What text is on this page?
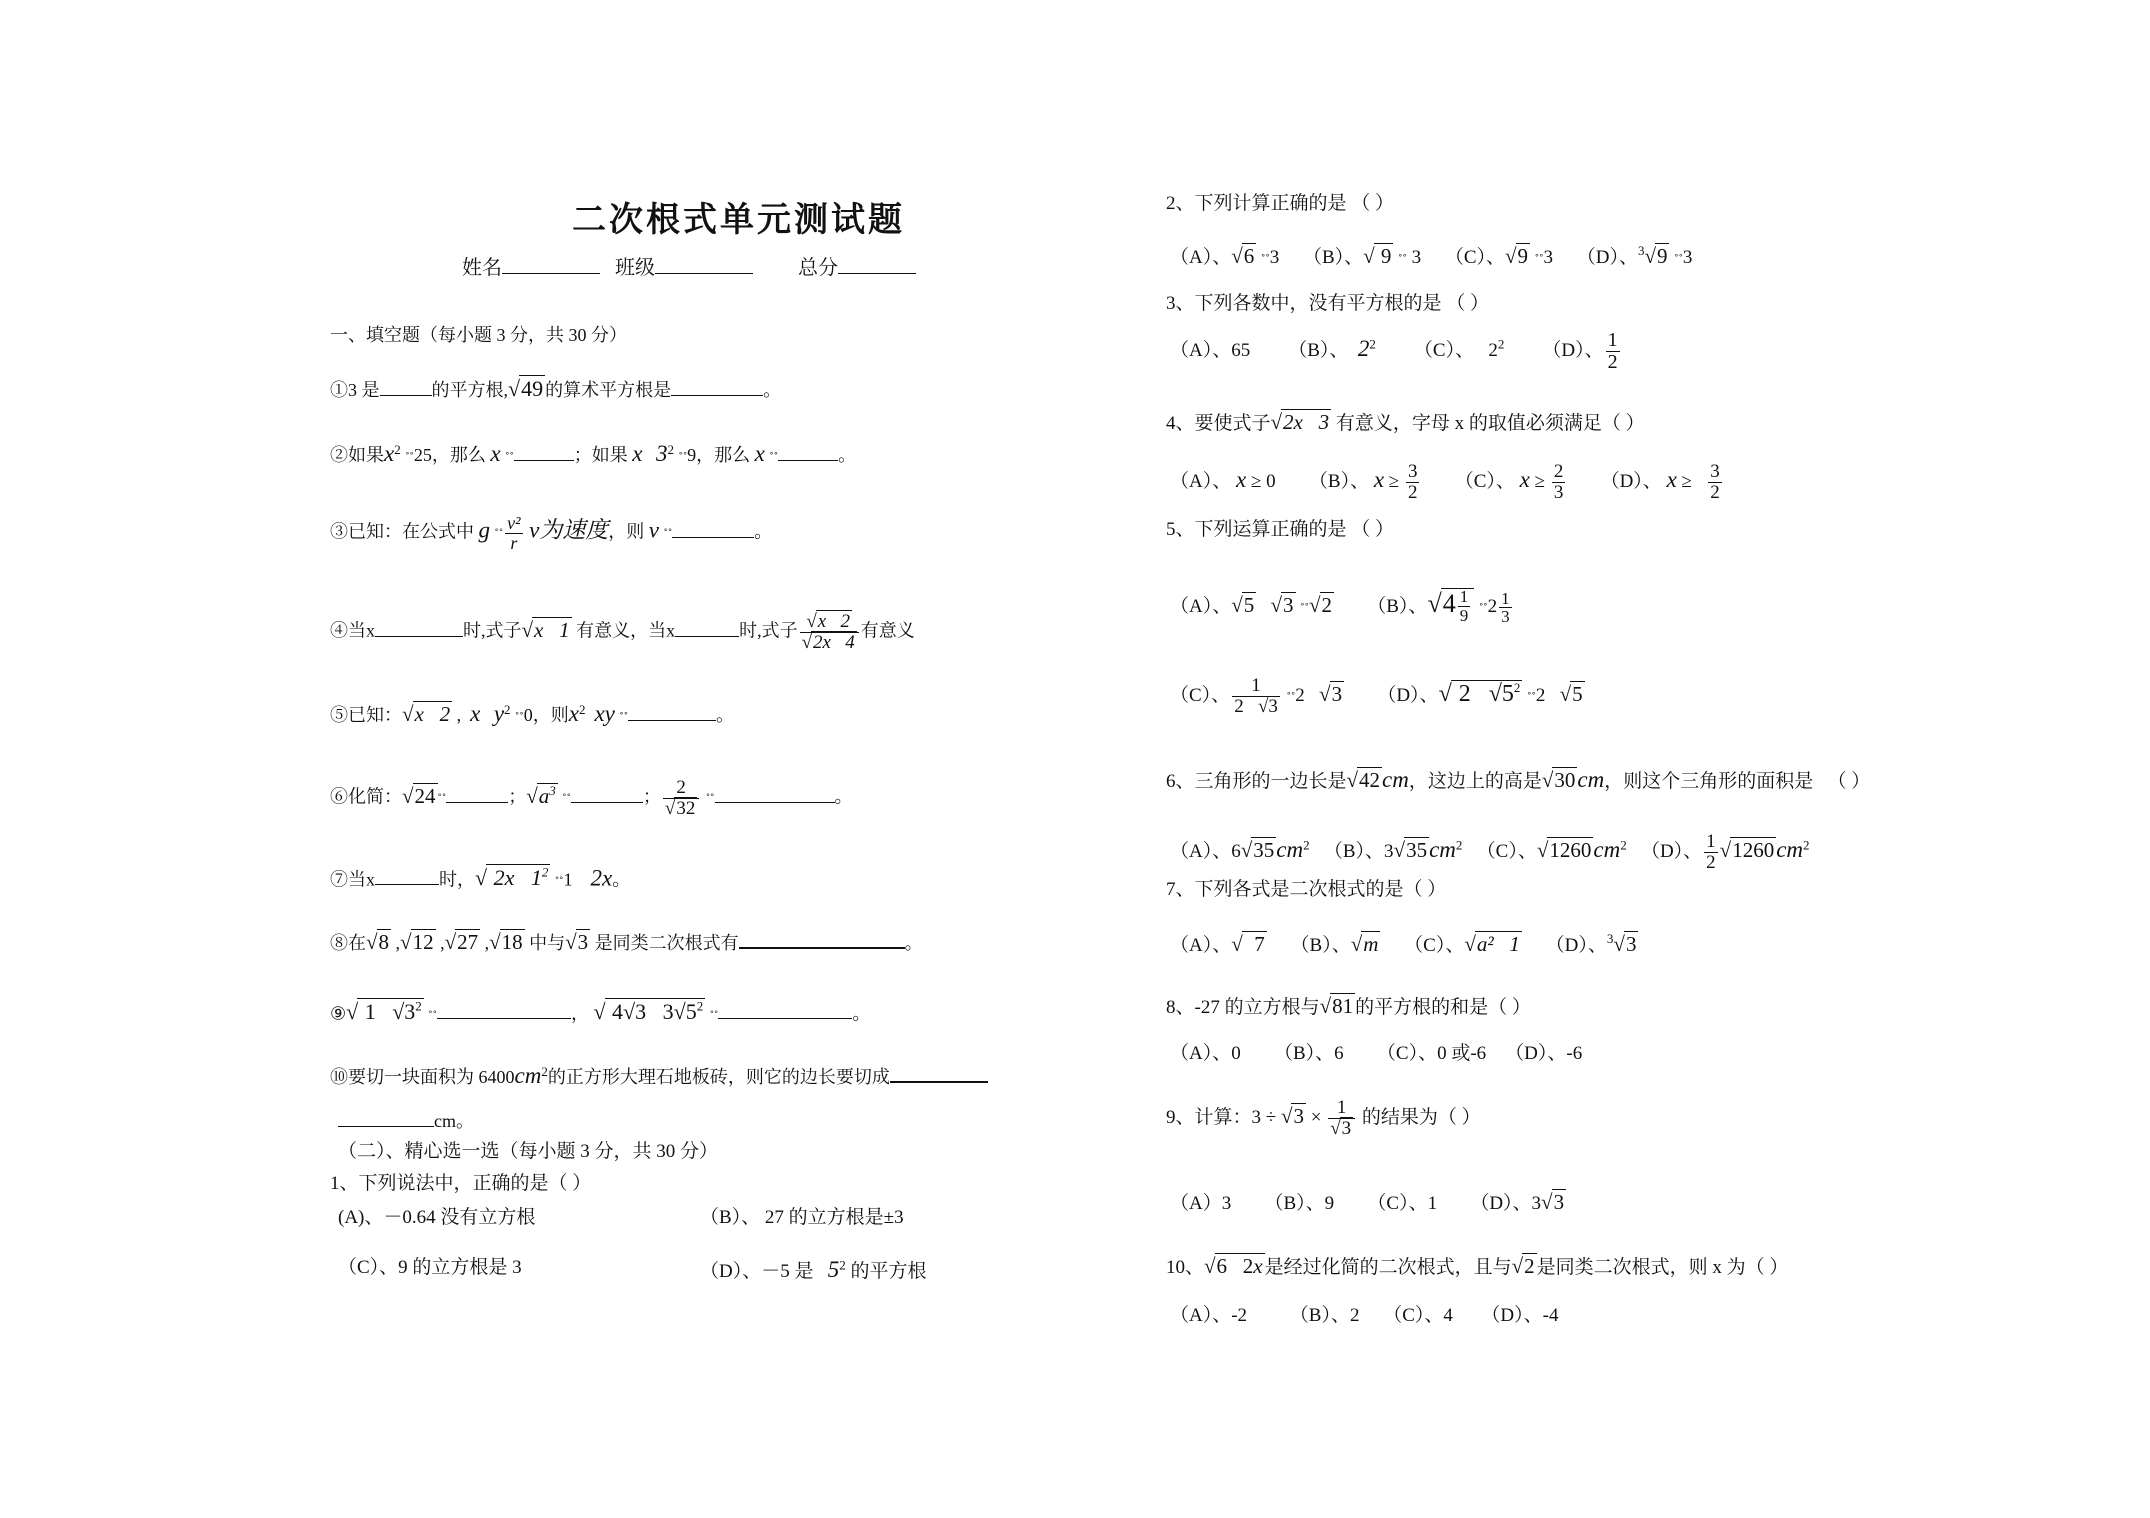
二次根式单元测试题
姓名	班级	总分
一、填空题（每小题 3 分，共 30 分）
①3 是	的平方根,√49 的算术平方根是	。
②如果$x^2$ ˚˚25，那么 x ˚˚	；如果 x $3^2$ ˚˚9，那么 x ˚˚	。
③已知：在公式中 g ˚˚ $\frac{\text{v²}}{r}$ v为速度，则 v ˚˚	。
④当x	时,式子√x   1 有意义，当x	时,式子 $\frac{√x 2}{√2x 4}$ 有意义
⑤已知：√x   2 ,  x $y^2$ ˚˚0，则$x^2$ xy ˚˚	。
⑥化简：√24 ˚˚	；$√a^3$ ˚˚	； $\frac{2}{√32}$ ˚˚	。
⑦当x	时，√ 2x   $1^2$ ˚˚1    2x。
⑧在√8 ,√12 ,√27 ,√18 中与√3 是同类二次根式有	。
⑨√ 1   $√3^2$ ˚˚	， √ 4√3   $3√5^2$ ˚˚	。
⑩要切一块面积为 $6400cm^2$的正方形大理石地板砖，则它的边长要切成
cm。
（二）、精心选一选（每小题 3 分，共 30 分）
1、下列说法中，正确的是（ ）
(A)、－0.64 没有立方根	（B）、 27 的立方根是±3
（C）、9 的立方根是 3	（D）、－5 是 $5^2$ 的平方根
2、下列计算正确的是 （ ）
（A）、√6 ˚˚3 （B）、√ 9 ˚˚ 3 （C）、√9 ˚˚3 （D）、$^3$√9 ˚˚3
3、下列各数中，没有平方根的是 （ ）
（A）、65 （B）、 $2^2$ （C）、   $2^2$ （D）、 $\frac{1}{2}$
4、要使式子√2x   3 有意义，字母 x 的取值必须满足（ ）
（A）、 x ≥ 0 （B）、 $x \ge \frac{3}{2} (C)$、 $x \ge \frac{2}{3} (D)$、 $x \ge \frac{3}{2}$
5、下列运算正确的是 （ ）
（A）、√5 √3 ˚˚√2 （B）、$√4 \frac{1}{9}$ ˚˚2 $\frac{1}{3}$
（C）、 $\frac{1}{2 √3}$ ˚˚2   √3 （D）、√ 2   $√5^2$ ˚˚2   √5
6、三角形的一边长是√42cm，这边上的高是√30cm，则这个三角形的面积是 （ ）
（A）、$6√35cm^2$ （B）、$3√35cm^2$ （C）、$√1260cm^2$ （D）、 $\frac{1}{2} √1260cm^2$
7、下列各式是二次根式的是（ ）
（A）、√  7 （B）、√m （C）、√a²   1 （D）、$^3$√3
8、-27 的立方根与√81 的平方根的和是（ ）
（A）、0       （B）、6       （C）、0 或-6    （D）、-6
9、计算：$3 \div √3 \times \frac{1}{√3}$ 的结果为（ ）
（A）3       （B）、9       （C）、1       （D）、3√3
10、√6   2x 是经过化简的二次根式，且与√2 是同类二次根式，则 x 为（ ）
（A）、-2         （B）、2     （C）、4      （D）、-4
